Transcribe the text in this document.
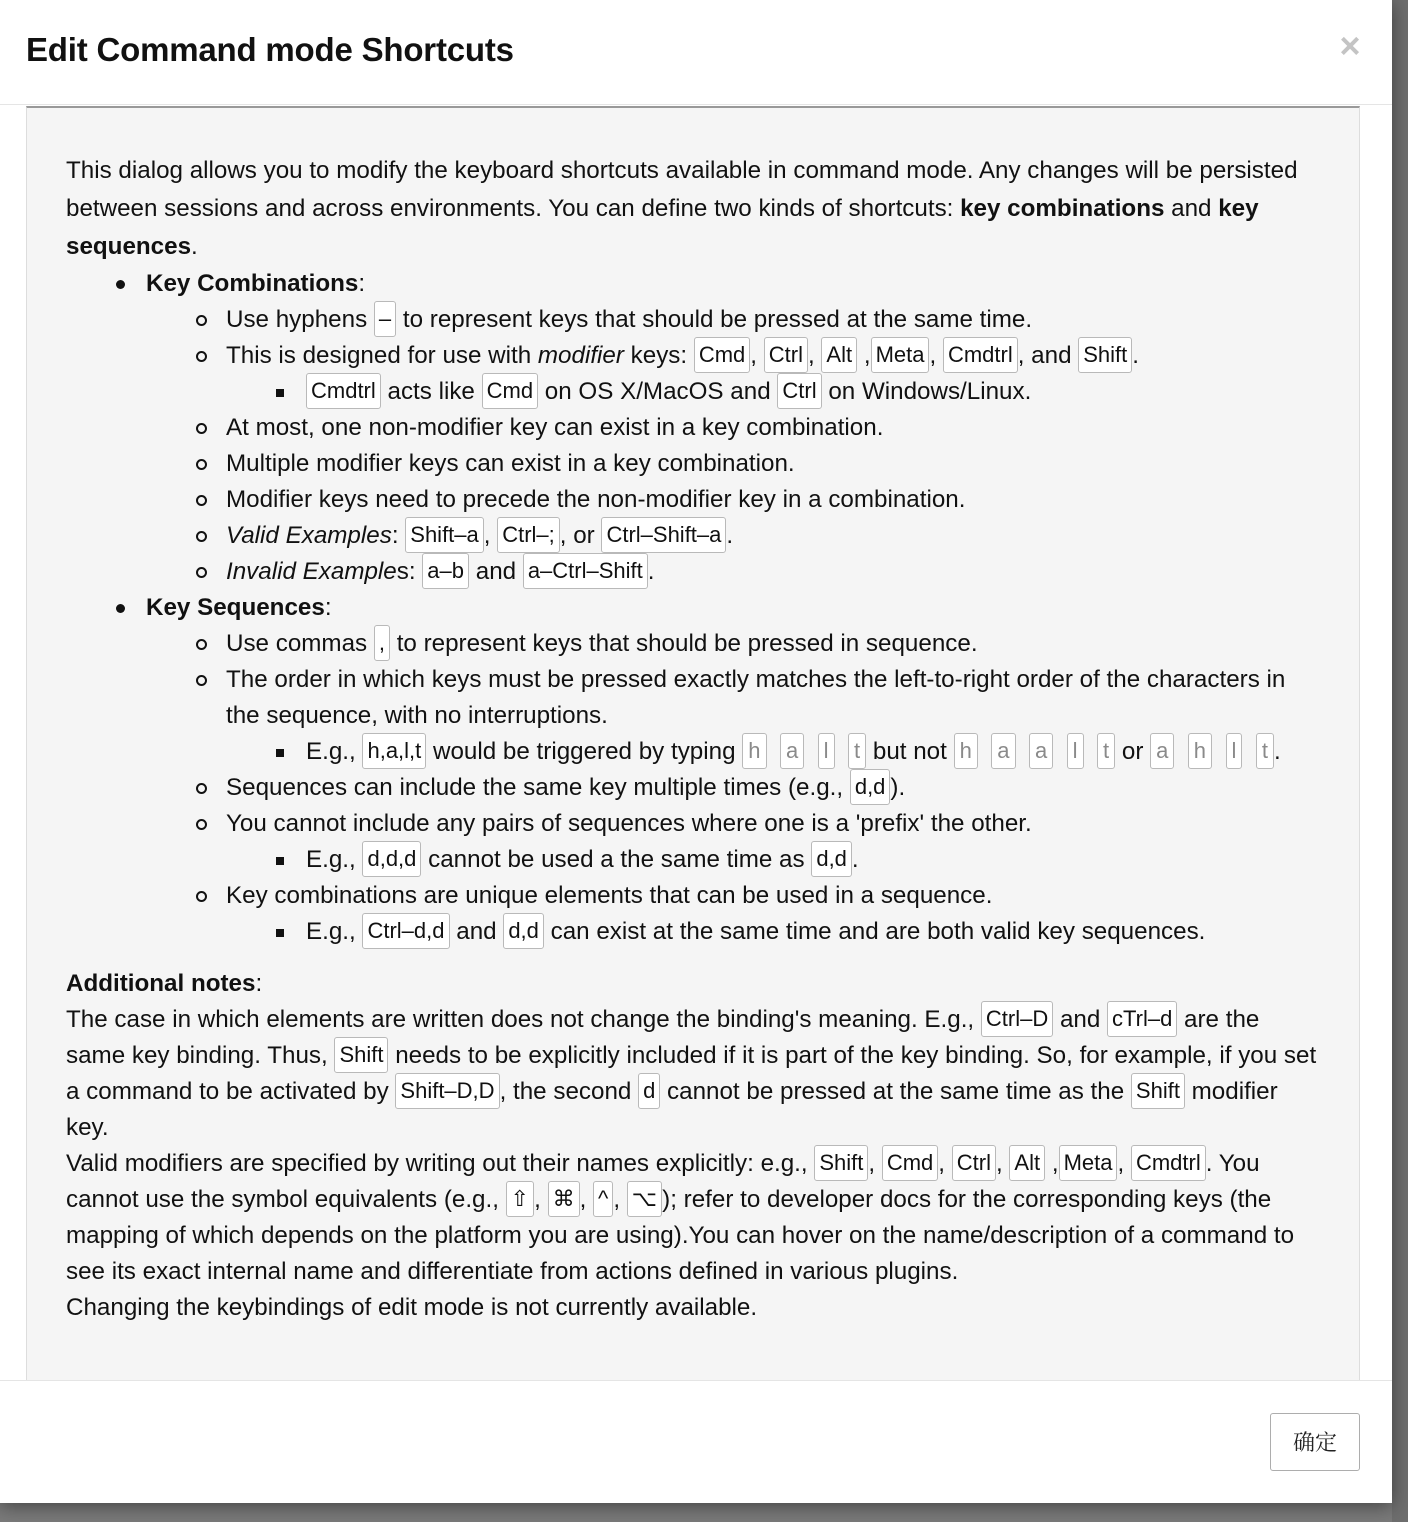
Edit Command mode Shortcuts	×

This dialog allows you to modify the keyboard shortcuts available in command mode. Any changes will be persisted between sessions and across environments. You can define two kinds of shortcuts: key combinations and key sequences.

Key Combinations:
Use hyphens – to represent keys that should be pressed at the same time.
This is designed for use with modifier keys: Cmd , Ctrl , Alt , Meta , Cmdtrl , and Shift .
Cmdtrl acts like Cmd on OS X/MacOS and Ctrl on Windows/Linux.
At most, one non-modifier key can exist in a key combination.
Multiple modifier keys can exist in a key combination.
Modifier keys need to precede the non-modifier key in a combination.
Valid Examples: Shift–a , Ctrl–; , or Ctrl–Shift–a .
Invalid Examples: a–b and a–Ctrl–Shift .
Key Sequences:
Use commas , to represent keys that should be pressed in sequence.
The order in which keys must be pressed exactly matches the left-to-right order of the characters in the sequence, with no interruptions.
E.g., h,a,l,t would be triggered by typing h a l t but not h a a l t or a h l t .
Sequences can include the same key multiple times (e.g., d,d ).
You cannot include any pairs of sequences where one is a 'prefix' the other.
E.g., d,d,d cannot be used a the same time as d,d .
Key combinations are unique elements that can be used in a sequence.
E.g., Ctrl–d,d and d,d can exist at the same time and are both valid key sequences.

Additional notes:

The case in which elements are written does not change the binding's meaning. E.g., Ctrl–D and cTrl–d are the same key binding. Thus, Shift needs to be explicitly included if it is part of the key binding. So, for example, if you set a command to be activated by Shift–D,D , the second d cannot be pressed at the same time as the Shift modifier key.

Valid modifiers are specified by writing out their names explicitly: e.g., Shift , Cmd , Ctrl , Alt , Meta , Cmdtrl . You cannot use the symbol equivalents (e.g., ⇧ , ⌘ , ^ , ⌥ ); refer to developer docs for the corresponding keys (the mapping of which depends on the platform you are using).You can hover on the name/description of a command to see its exact internal name and differentiate from actions defined in various plugins.

Changing the keybindings of edit mode is not currently available.

确定
